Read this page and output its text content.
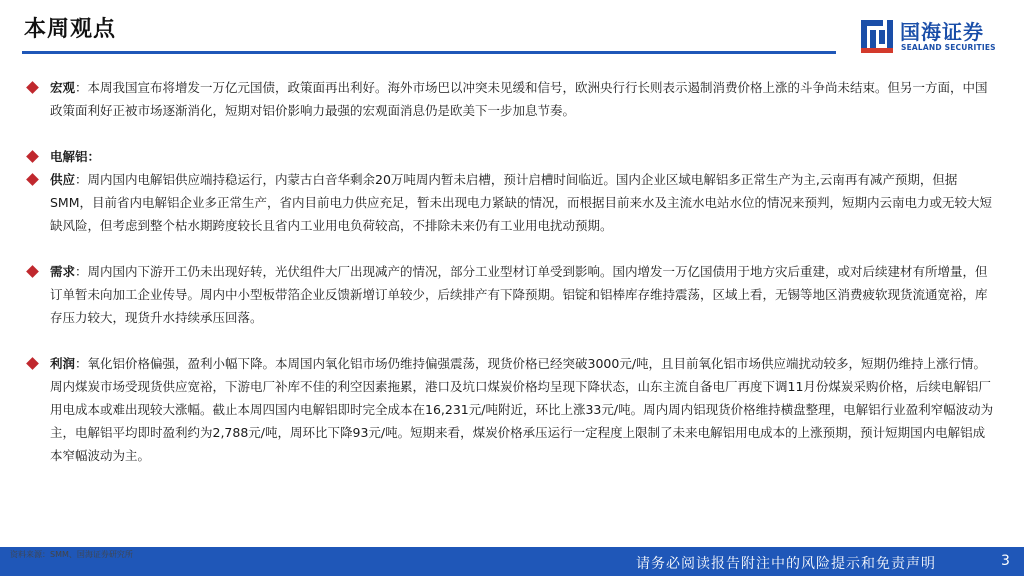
本周观点	国海证券
SEALAND SECURITIES
宏观：本周我国宣布将增发一万亿元国债，政策面再出利好。海外市场巴以冲突未见缓和信号，欧洲央行行长则表示遏制消费价格上涨的斗争尚未结束。但另一方面，中国政策面利好正被市场逐渐消化，短期对铝价影响力最强的宏观面消息仍是欧美下一步加息节奏。
电解铝：
供应：周内国内电解铝供应端持稳运行，内蒙古白音华剩余20万吨周内暂未启槽，预计启槽时间临近。国内企业区域电解铝多正常生产为主,云南再有减产预期，但据SMM，目前省内电解铝企业多正常生产，省内目前电力供应充足，暂未出现电力紧缺的情况，而根据目前来水及主流水电站水位的情况来预判，短期内云南电力或无较大短缺风险，但考虑到整个枯水期跨度较长且省内工业用电负荷较高，不排除未来仍有工业用电扰动预期。
需求：周内国内下游开工仍未出现好转，光伏组件大厂出现减产的情况，部分工业型材订单受到影响。国内增发一万亿国债用于地方灾后重建，或对后续建材有所增量，但订单暂未向加工企业传导。周内中小型板带箔企业反馈新增订单较少，后续排产有下降预期。铝锭和铝棒库存维持震荡，区域上看，无锡等地区消费疲软现货流通宽裕，库存压力较大，现货升水持续承压回落。
利润：氧化铝价格偏强，盈利小幅下降。本周国内氧化铝市场仍维持偏强震荡，现货价格已经突破3000元/吨，且目前氧化铝市场供应端扰动较多，短期仍维持上涨行情。周内煤炭市场受现货供应宽裕，下游电厂补库不佳的利空因素拖累，港口及坑口煤炭价格均呈现下降状态，山东主流自备电厂再度下调11月份煤炭采购价格，后续电解铝厂用电成本或难出现较大涨幅。截止本周四国内电解铝即时完全成本在16,231元/吨附近，环比上涨33元/吨。周内周内铝现货价格维持横盘整理，电解铝行业盈利窄幅波动为主，电解铝平均即时盈利约为2,788元/吨，周环比下降93元/吨。短期来看，煤炭价格承压运行一定程度上限制了未来电解铝用电成本的上涨预期，预计短期国内电解铝成本窄幅波动为主。
资料来源：SMM、国海证券研究所
请务必阅读报告附注中的风险提示和免责声明	3
